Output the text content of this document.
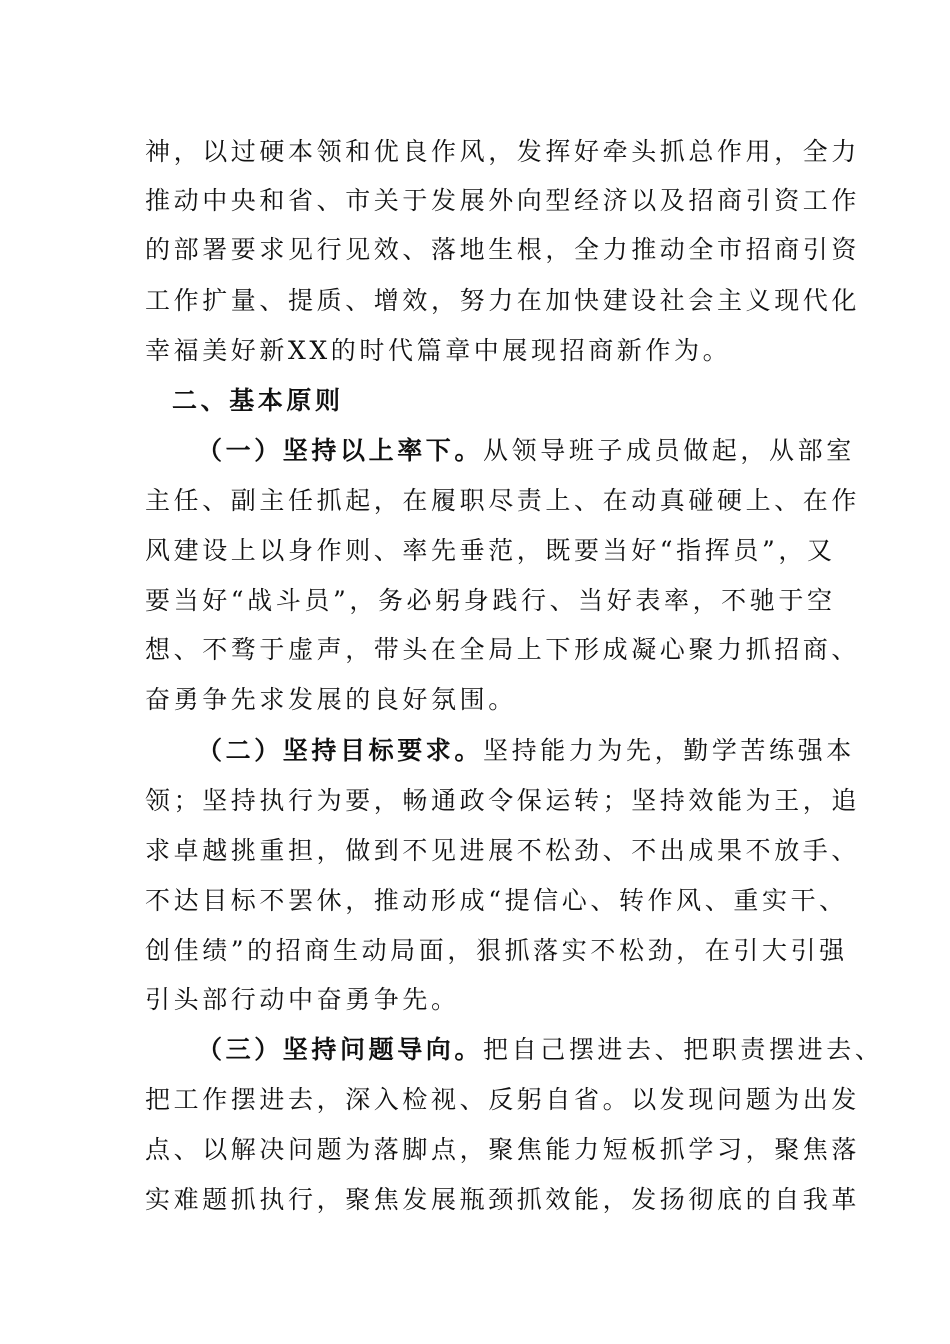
神，以过硬本领和优良作风，发挥好牵头抓总作用，全力
推动中央和省、市关于发展外向型经济以及招商引资工作
的部署要求见行见效、落地生根，全力推动全市招商引资
工作扩量、提质、增效，努力在加快建设社会主义现代化
幸福美好新XX的时代篇章中展现招商新作为。
二、基本原则
（一）坚持以上率下。从领导班子成员做起，从部室
主任、副主任抓起，在履职尽责上、在动真碰硬上、在作
风建设上以身作则、率先垂范，既要当好“指挥员”，又
要当好“战斗员”，务必躬身践行、当好表率，不驰于空
想、不骛于虚声，带头在全局上下形成凝心聚力抓招商、
奋勇争先求发展的良好氛围。
（二）坚持目标要求。坚持能力为先，勤学苦练强本
领；坚持执行为要，畅通政令保运转；坚持效能为王，追
求卓越挑重担，做到不见进展不松劲、不出成果不放手、
不达目标不罢休，推动形成“提信心、转作风、重实干、
创佳绩”的招商生动局面，狠抓落实不松劲，在引大引强
引头部行动中奋勇争先。
（三）坚持问题导向。把自己摆进去、把职责摆进去、
把工作摆进去，深入检视、反躬自省。以发现问题为出发
点、以解决问题为落脚点，聚焦能力短板抓学习，聚焦落
实难题抓执行，聚焦发展瓶颈抓效能，发扬彻底的自我革
